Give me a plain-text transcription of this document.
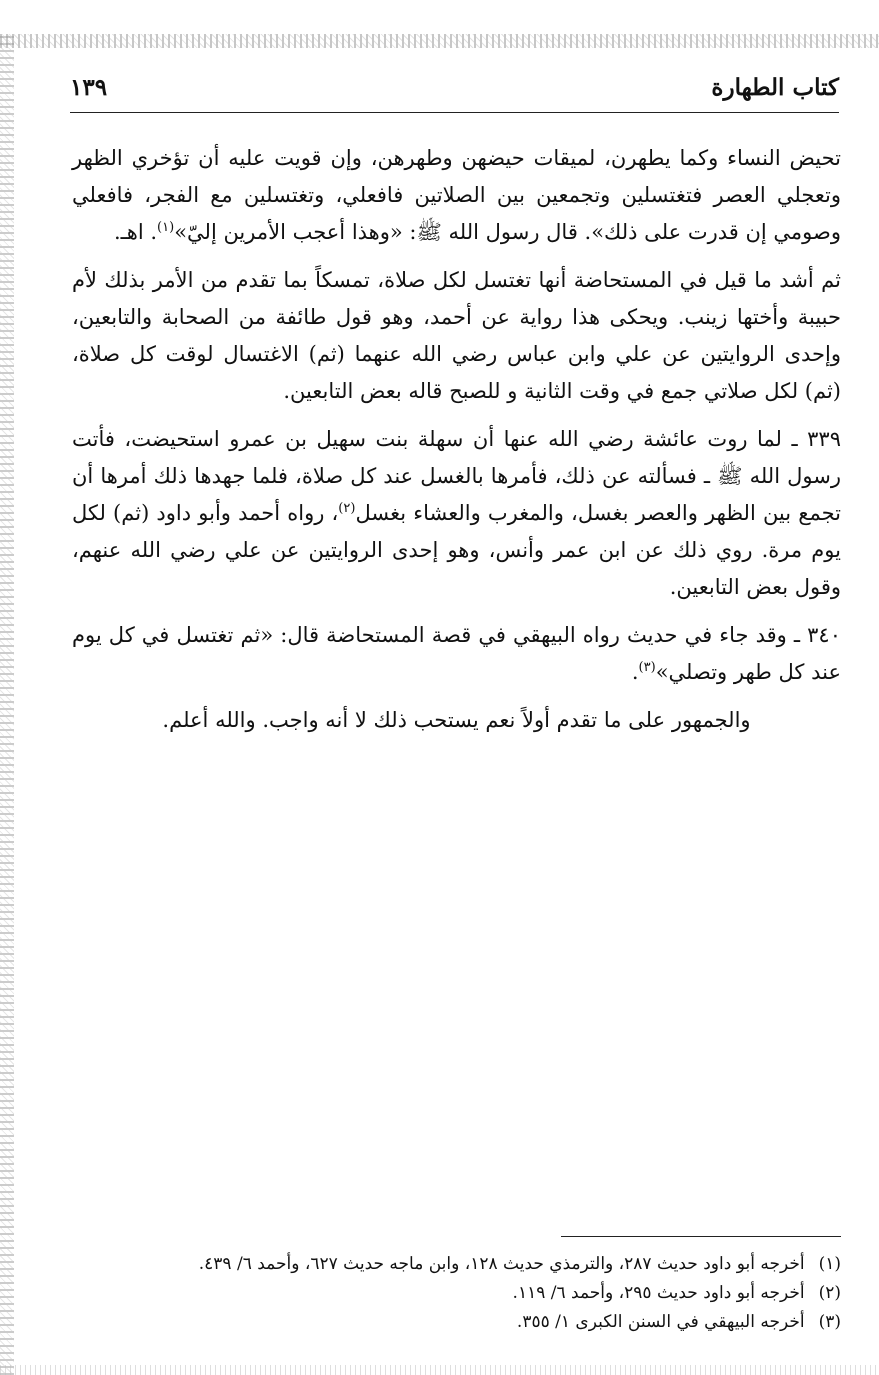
كتاب الطهارة
١٣٩

تحيض النساء وكما يطهرن، لميقات حيضهن وطهرهن، وإن قويت عليه أن تؤخري الظهر وتعجلي العصر فتغتسلين وتجمعين بين الصلاتين فافعلي، وتغتسلين مع الفجر، فافعلي وصومي إن قدرت على ذلك». قال رسول الله ﷺ: «وهذا أعجب الأمرين إليّ»$^{(١)}$. اهـ.

ثم أشد ما قيل في المستحاضة أنها تغتسل لكل صلاة، تمسكاً بما تقدم من الأمر بذلك لأم حبيبة وأختها زينب. ويحكى هذا رواية عن أحمد، وهو قول طائفة من الصحابة والتابعين، وإحدى الروايتين عن علي وابن عباس رضي الله عنهما (ثم) الاغتسال لوقت كل صلاة، (ثم) لكل صلاتي جمع في وقت الثانية و للصبح قاله بعض التابعين.

٣٣٩ ـ لما روت عائشة رضي الله عنها أن سهلة بنت سهيل بن عمرو استحيضت، فأتت رسول الله ﷺ ـ فسألته عن ذلك، فأمرها بالغسل عند كل صلاة، فلما جهدها ذلك أمرها أن تجمع بين الظهر والعصر بغسل، والمغرب والعشاء بغسل$^{(٢)}$، رواه أحمد وأبو داود (ثم) لكل يوم مرة. روي ذلك عن ابن عمر وأنس، وهو إحدى الروايتين عن علي رضي الله عنهم، وقول بعض التابعين.

٣٤٠ ـ وقد جاء في حديث رواه البيهقي في قصة المستحاضة قال: «ثم تغتسل في كل يوم عند كل طهر وتصلي»$^{(٣)}$.

والجمهور على ما تقدم أولاً نعم يستحب ذلك لا أنه واجب. والله أعلم.

(١)أخرجه أبو داود حديث ٢٨٧، والترمذي حديث ١٢٨، وابن ماجه حديث ٦٢٧، وأحمد ٦/ ٤٣٩.
(٢)أخرجه أبو داود حديث ٢٩٥، وأحمد ٦/ ١١٩.
(٣)أخرجه البيهقي في السنن الكبرى ١/ ٣٥٥.
